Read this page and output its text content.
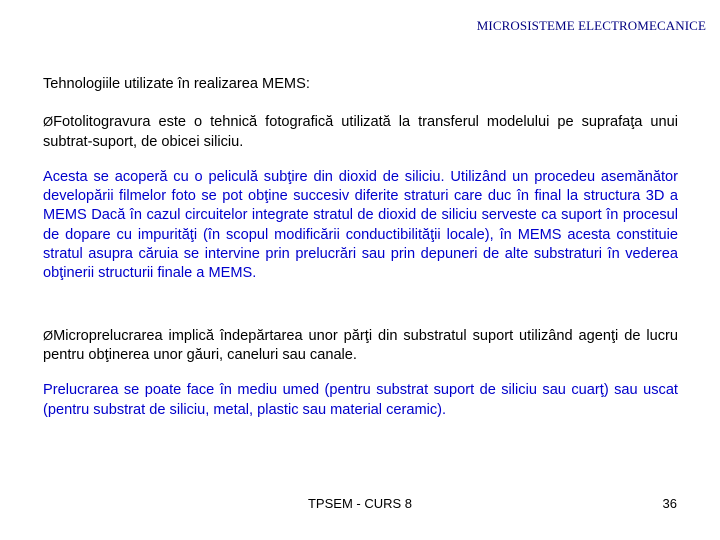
MICROSISTEME ELECTROMECANICE

Tehnologiile utilizate în realizarea MEMS:

ØFotolitogravura este o tehnică fotografică utilizată la transferul modelului pe suprafaţa unui subtrat-suport, de obicei siliciu.

Acesta se acoperă cu o peliculă subţire din dioxid de siliciu. Utilizând un procedeu asemănător developării filmelor foto se pot obţine succesiv diferite straturi care duc în final la structura 3D a MEMS Dacă în cazul circuitelor integrate stratul de dioxid de siliciu serveste ca suport în procesul de dopare cu impurităţi (în scopul modificării conductibilităţii locale), în MEMS acesta constituie stratul asupra căruia se intervine prin prelucrări sau prin depuneri de alte substraturi în vederea obţinerii structurii finale a MEMS.

ØMicroprelucrarea implică îndepărtarea unor părţi din substratul suport utilizând agenţi de lucru pentru obţinerea unor găuri, caneluri sau canale.

Prelucrarea se poate face în mediu umed (pentru substrat suport de siliciu sau cuarţ) sau uscat (pentru substrat de siliciu, metal, plastic sau material ceramic).

TPSEM - CURS 8	36
